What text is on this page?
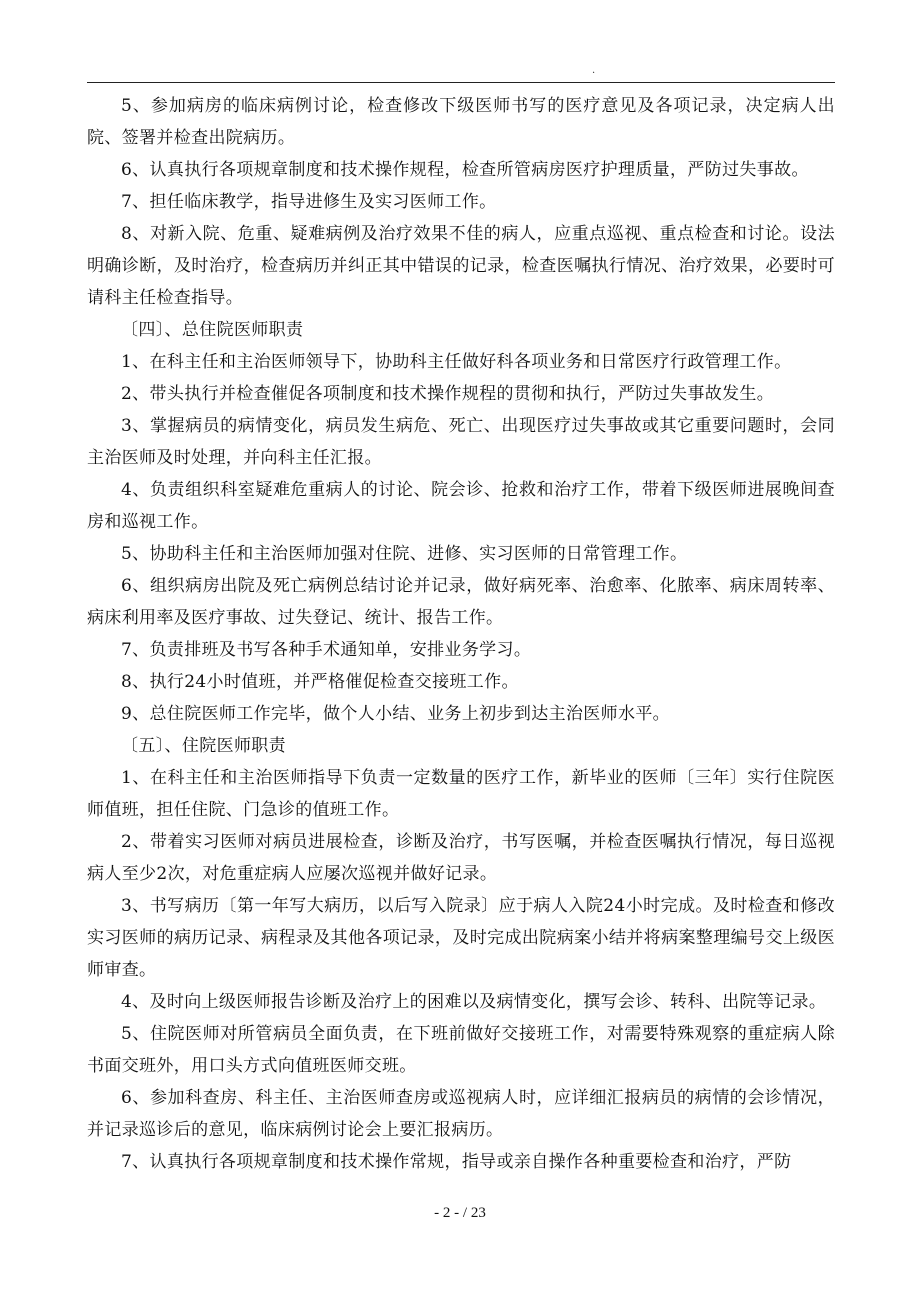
.

5、参加病房的临床病例讨论，检查修改下级医师书写的医疗意见及各项记录，决定病人出院、签署并检查出院病历。

6、认真执行各项规章制度和技术操作规程，检查所管病房医疗护理质量，严防过失事故。

7、担任临床教学，指导进修生及实习医师工作。

8、对新入院、危重、疑难病例及治疗效果不佳的病人，应重点巡视、重点检查和讨论。设法明确诊断，及时治疗，检查病历并纠正其中错误的记录，检查医嘱执行情况、治疗效果，必要时可请科主任检查指导。

〔四〕、总住院医师职责

1、在科主任和主治医师领导下，协助科主任做好科各项业务和日常医疗行政管理工作。

2、带头执行并检查催促各项制度和技术操作规程的贯彻和执行，严防过失事故发生。

3、掌握病员的病情变化，病员发生病危、死亡、出现医疗过失事故或其它重要问题时，会同主治医师及时处理，并向科主任汇报。

4、负责组织科室疑难危重病人的讨论、院会诊、抢救和治疗工作，带着下级医师进展晚间查房和巡视工作。

5、协助科主任和主治医师加强对住院、进修、实习医师的日常管理工作。

6、组织病房出院及死亡病例总结讨论并记录，做好病死率、治愈率、化脓率、病床周转率、病床利用率及医疗事故、过失登记、统计、报告工作。

7、负责排班及书写各种手术通知单，安排业务学习。

8、执行24小时值班，并严格催促检查交接班工作。

9、总住院医师工作完毕，做个人小结、业务上初步到达主治医师水平。

〔五〕、住院医师职责

1、在科主任和主治医师指导下负责一定数量的医疗工作，新毕业的医师〔三年〕实行住院医师值班，担任住院、门急诊的值班工作。

2、带着实习医师对病员进展检查，诊断及治疗，书写医嘱，并检查医嘱执行情况，每日巡视病人至少2次，对危重症病人应屡次巡视并做好记录。

3、书写病历〔第一年写大病历，以后写入院录〕应于病人入院24小时完成。及时检查和修改实习医师的病历记录、病程录及其他各项记录，及时完成出院病案小结并将病案整理编号交上级医师审查。

4、及时向上级医师报告诊断及治疗上的困难以及病情变化，撰写会诊、转科、出院等记录。

5、住院医师对所管病员全面负责，在下班前做好交接班工作，对需要特殊观察的重症病人除书面交班外，用口头方式向值班医师交班。

6、参加科查房、科主任、主治医师查房或巡视病人时，应详细汇报病员的病情的会诊情况，并记录巡诊后的意见，临床病例讨论会上要汇报病历。

7、认真执行各项规章制度和技术操作常规，指导或亲自操作各种重要检查和治疗，严防

- 2 - / 23
